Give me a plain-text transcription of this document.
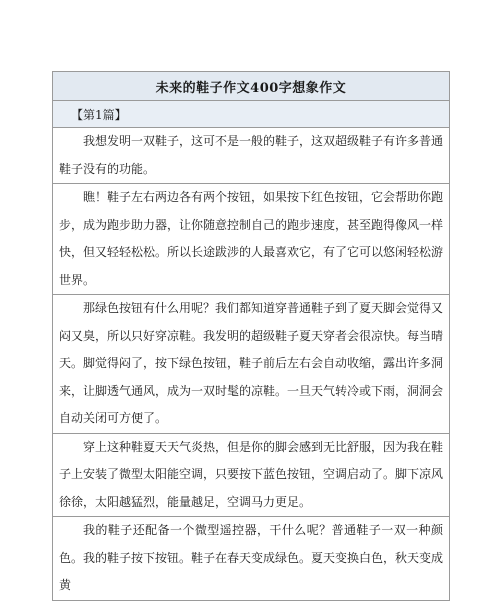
未来的鞋子作文400字想象作文
【第1篇】
我想发明一双鞋子，这可不是一般的鞋子，这双超级鞋子有许多普通鞋子没有的功能。
瞧！鞋子左右两边各有两个按钮，如果按下红色按钮，它会帮助你跑步，成为跑步助力器，让你随意控制自己的跑步速度，甚至跑得像风一样快，但又轻轻松松。所以长途跋涉的人最喜欢它，有了它可以悠闲轻松游世界。
那绿色按钮有什么用呢？我们都知道穿普通鞋子到了夏天脚会觉得又闷又臭，所以只好穿凉鞋。我发明的超级鞋子夏天穿者会很凉快。每当晴天。脚觉得闷了，按下绿色按钮，鞋子前后左右会自动收缩，露出许多洞来，让脚透气通风，成为一双时髦的凉鞋。一旦天气转冷或下雨，洞洞会自动关闭可方便了。
穿上这种鞋夏天天气炎热，但是你的脚会感到无比舒服，因为我在鞋子上安装了微型太阳能空调，只要按下蓝色按钮，空调启动了。脚下凉风徐徐，太阳越猛烈，能量越足，空调马力更足。
我的鞋子还配备一个微型遥控器，干什么呢？普通鞋子一双一种颜色。我的鞋子按下按钮。鞋子在春天变成绿色。夏天变换白色，秋天变成黄
